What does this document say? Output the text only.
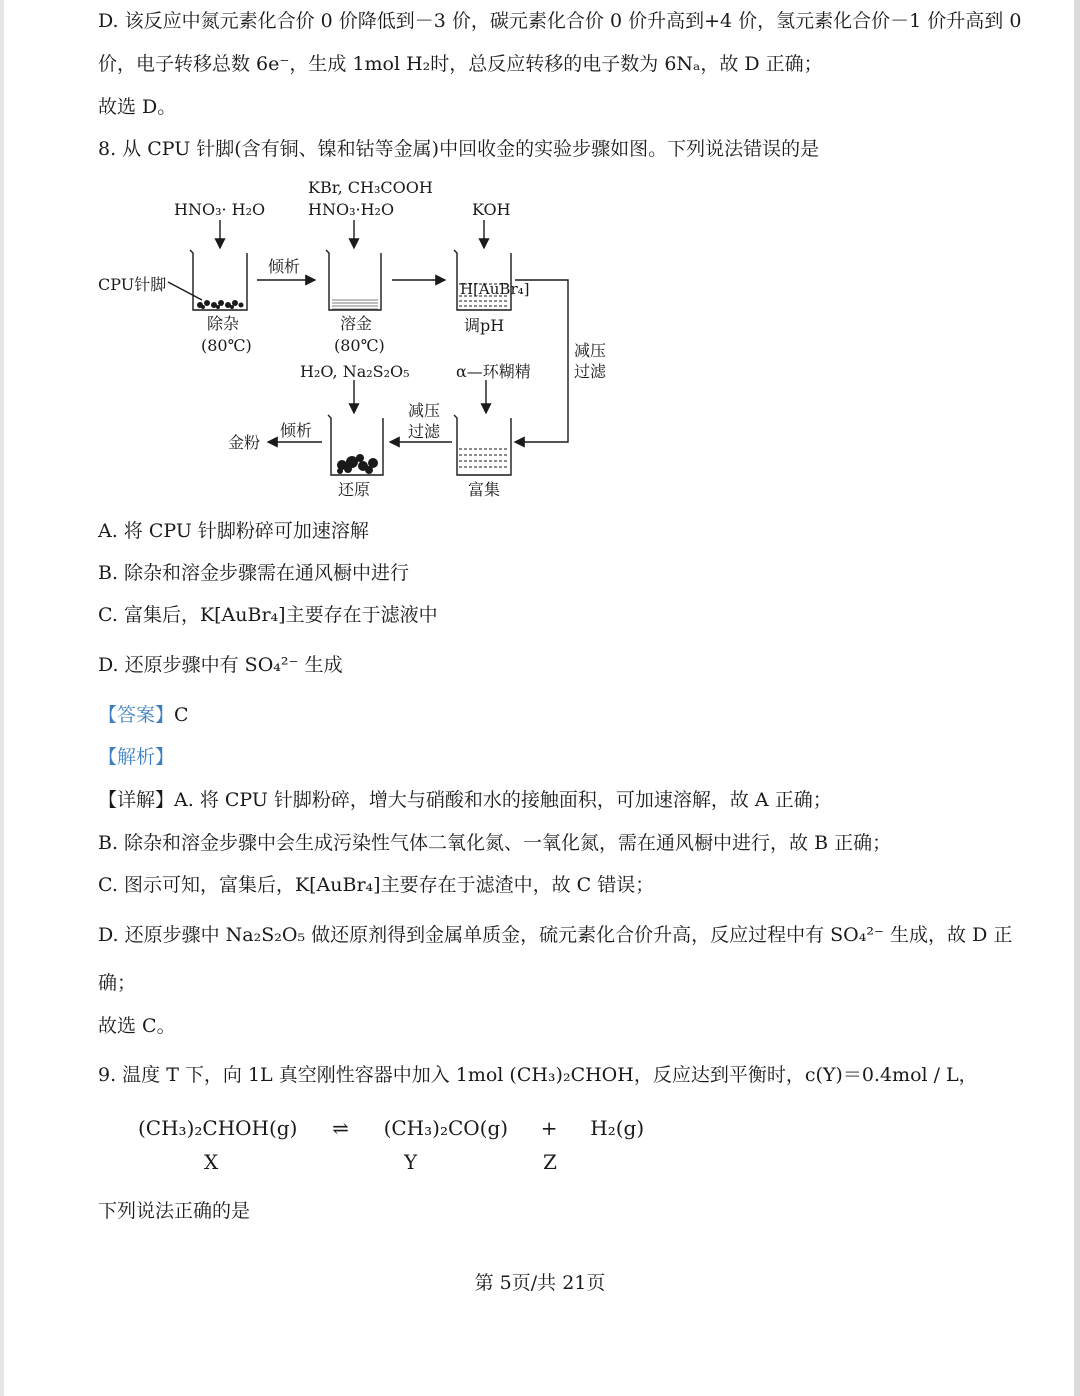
D. 该反应中氮元素化合价 0 价降低到－3 价，碳元素化合价 0 价升高到+4 价，氢元素化合价－1 价升高到 0
价，电子转移总数 6e⁻，生成 1mol H₂时，总反应转移的电子数为 6Nₐ，故 D 正确；
故选 D。
8. 从 CPU 针脚(含有铜、镍和钴等金属)中回收金的实验步骤如图。下列说法错误的是
HNO₃· H₂O
KBr, CH₃COOH
HNO₃·H₂O	KOH
CPU针脚
倾析
除杂
(80℃)
溶金
(80℃)
H[AuBr₄]
调pH
减压
过滤
H₂O, Na₂S₂O₅	α—环糊精
减压
过滤
还原	富集
倾析
金粉
A. 将 CPU 针脚粉碎可加速溶解
B. 除杂和溶金步骤需在通风橱中进行
C. 富集后，K[AuBr₄]主要存在于滤液中
D. 还原步骤中有 SO₄²⁻ 生成
【答案】C
【解析】
【详解】A. 将 CPU 针脚粉碎，增大与硝酸和水的接触面积，可加速溶解，故 A 正确；
B. 除杂和溶金步骤中会生成污染性气体二氧化氮、一氧化氮，需在通风橱中进行，故 B 正确；
C. 图示可知，富集后，K[AuBr₄]主要存在于滤渣中，故 C 错误；
D. 还原步骤中 Na₂S₂O₅ 做还原剂得到金属单质金，硫元素化合价升高，反应过程中有 SO₄²⁻ 生成，故 D 正
确；
故选 C。
9. 温度 T 下，向 1L 真空刚性容器中加入 1mol (CH₃)₂CHOH，反应达到平衡时，c(Y)＝0.4mol / L，
(CH₃)₂CHOH(g) ⇌ (CH₃)₂CO(g) + H₂(g)
X	Y	Z
下列说法正确的是
第 5页/共 21页
